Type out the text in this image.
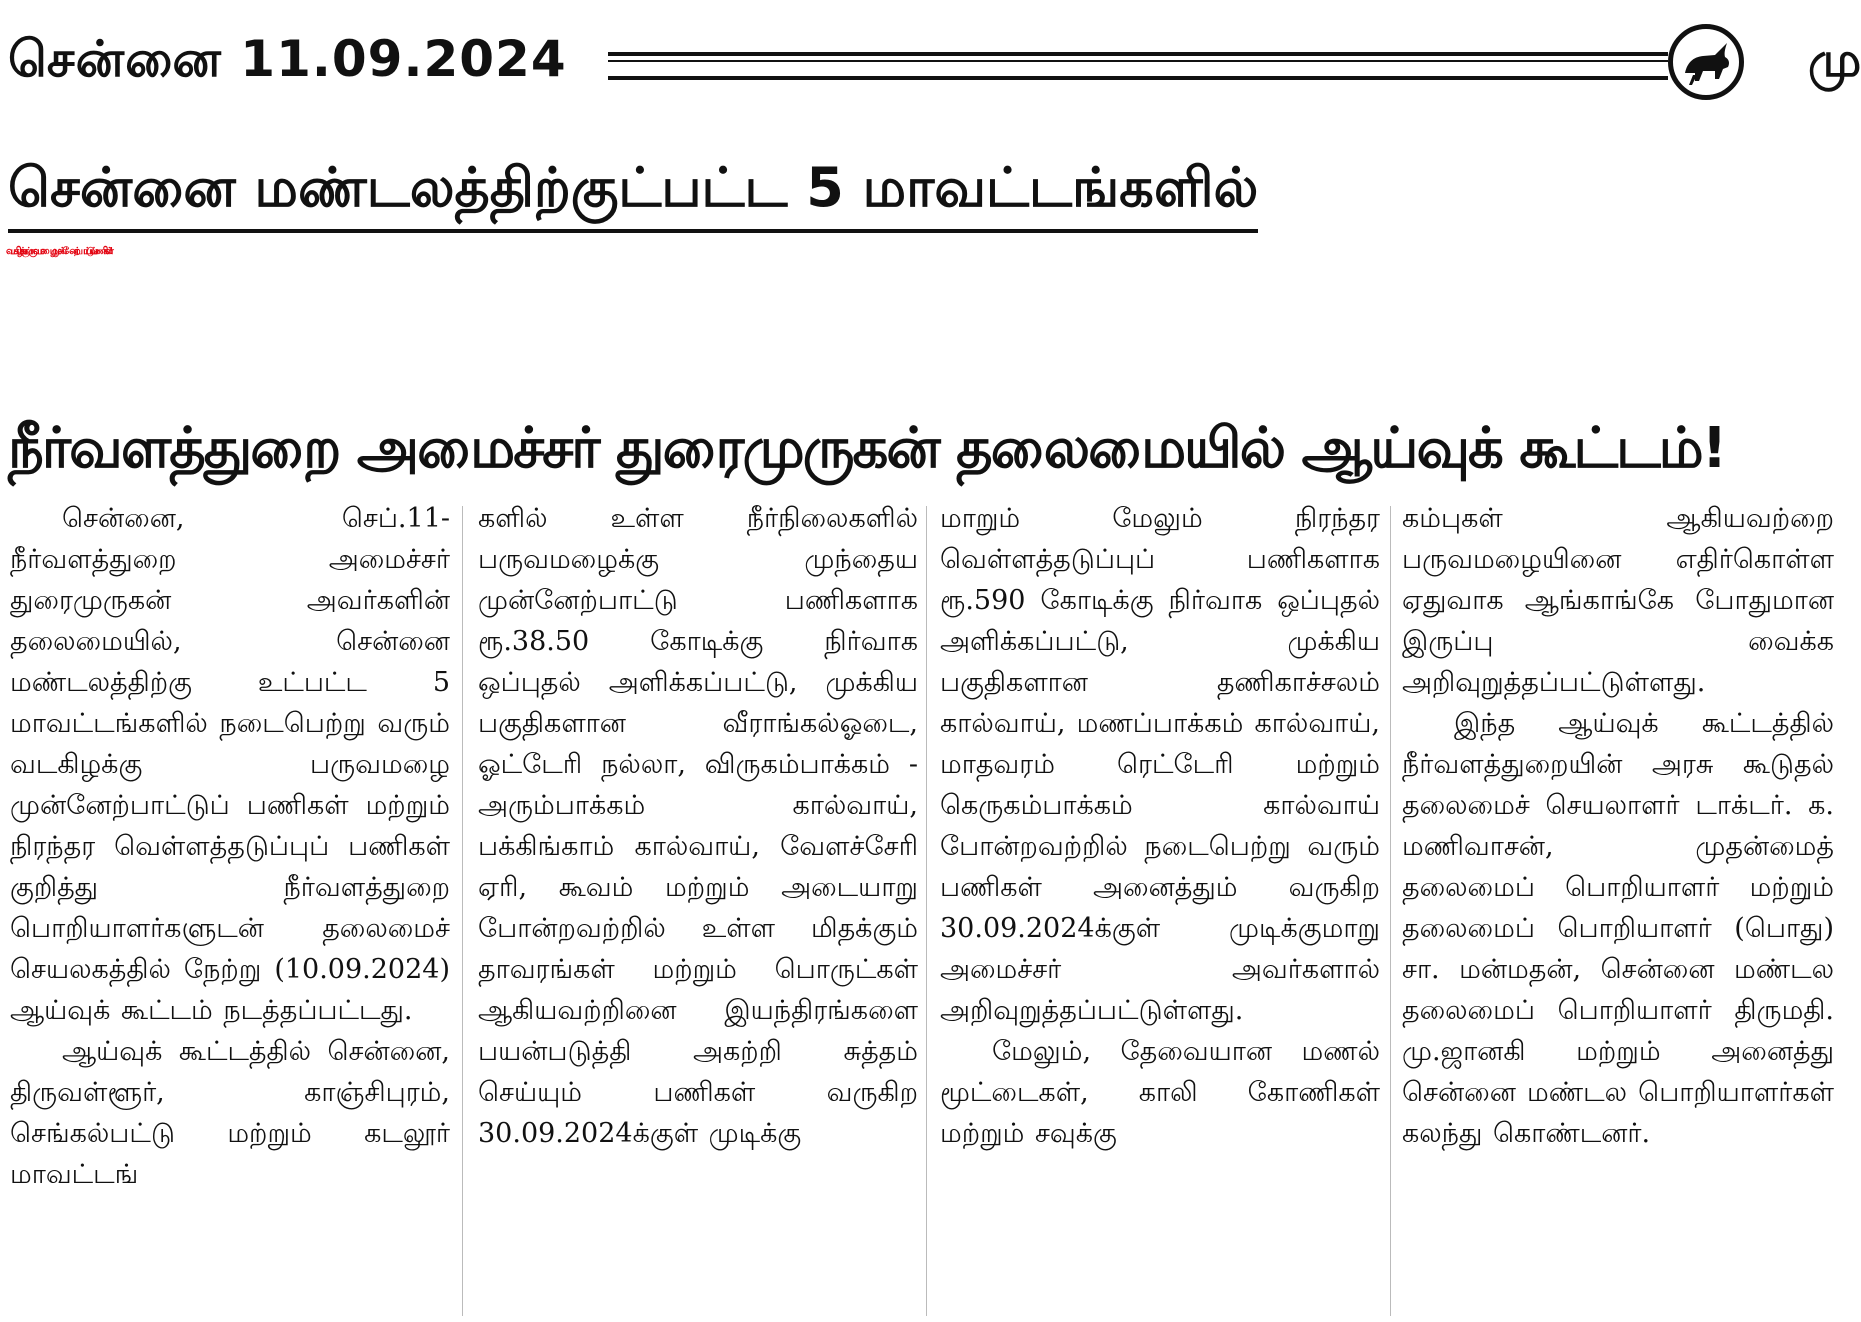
சென்னை 11.09.2024	மு
சென்னை மண்டலத்திற்குட்பட்ட 5 மாவட்டங்களில்
வடகிழக்குப் பருவமழை முன்னேற்பாட்டுப் பணிகள்!
நீர்வளத்துறை அமைச்சர் துரைமுருகன் தலைமையில் ஆய்வுக் கூட்டம்!

சென்னை, செப்.11- நீர்வளத்துறை அமைச்சர் துரைமுருகன் அவர்களின் தலைமையில், சென்னை மண்டலத்திற்கு உட்பட்ட 5 மாவட்டங்களில் நடைபெற்று வரும் வடகிழக்கு பருவமழை முன்னேற்பாட்டுப் பணிகள் மற்றும் நிரந்தர வெள்ளத்தடுப்புப் பணிகள் குறித்து நீர்வளத்துறை பொறியாளர்களுடன் தலைமைச் செயலகத்தில் நேற்று (10.09.2024) ஆய்வுக் கூட்டம் நடத்தப்பட்டது.

ஆய்வுக் கூட்டத்தில் சென்னை, திருவள்ளூர், காஞ்சிபுரம், செங்கல்பட்டு மற்றும் கடலூர் மாவட்டங்

களில் உள்ள நீர்நிலைகளில் பருவமழைக்கு முந்தைய முன்னேற்பாட்டு பணிகளாக ரூ.38.50 கோடிக்கு நிர்வாக ஒப்புதல் அளிக்கப்பட்டு, முக்கிய பகுதிகளான வீராங்கல்ஓடை, ஓட்டேரி நல்லா, விருகம்பாக்கம் - அரும்பாக்கம் கால்வாய், பக்கிங்காம் கால்வாய், வேளச்சேரி ஏரி, கூவம் மற்றும் அடையாறு போன்றவற்றில் உள்ள மிதக்கும் தாவரங்கள் மற்றும் பொருட்கள் ஆகியவற்றினை இயந்திரங்களை பயன்படுத்தி அகற்றி சுத்தம் செய்யும் பணிகள் வருகிற 30.09.2024க்குள் முடிக்கு

மாறும் மேலும் நிரந்தர வெள்ளத்தடுப்புப் பணிகளாக ரூ.590 கோடிக்கு நிர்வாக ஒப்புதல் அளிக்கப்பட்டு, முக்கிய பகுதிகளான தணிகாச்சலம் கால்வாய், மணப்பாக்கம் கால்வாய், மாதவரம் ரெட்டேரி மற்றும் கெருகம்பாக்கம் கால்வாய் போன்றவற்றில் நடைபெற்று வரும் பணிகள் அனைத்தும் வருகிற 30.09.2024க்குள் முடிக்குமாறு அமைச்சர் அவர்களால் அறிவுறுத்தப்பட்டுள்ளது.

மேலும், தேவையான மணல் மூட்டைகள், காலி கோணிகள் மற்றும் சவுக்கு

கம்புகள் ஆகியவற்றை பருவமழையினை எதிர்கொள்ள ஏதுவாக ஆங்காங்கே போதுமான இருப்பு வைக்க அறிவுறுத்தப்பட்டுள்ளது.

இந்த ஆய்வுக் கூட்டத்தில் நீர்வளத்துறையின் அரசு கூடுதல் தலைமைச் செயலாளர் டாக்டர். க. மணிவாசன், முதன்மைத் தலைமைப் பொறியாளர் மற்றும் தலைமைப் பொறியாளர் (பொது) சா. மன்மதன், சென்னை மண்டல தலைமைப் பொறியாளர் திருமதி. மு.ஜானகி மற்றும் அனைத்து சென்னை மண்டல பொறியாளர்கள் கலந்து கொண்டனர்.
